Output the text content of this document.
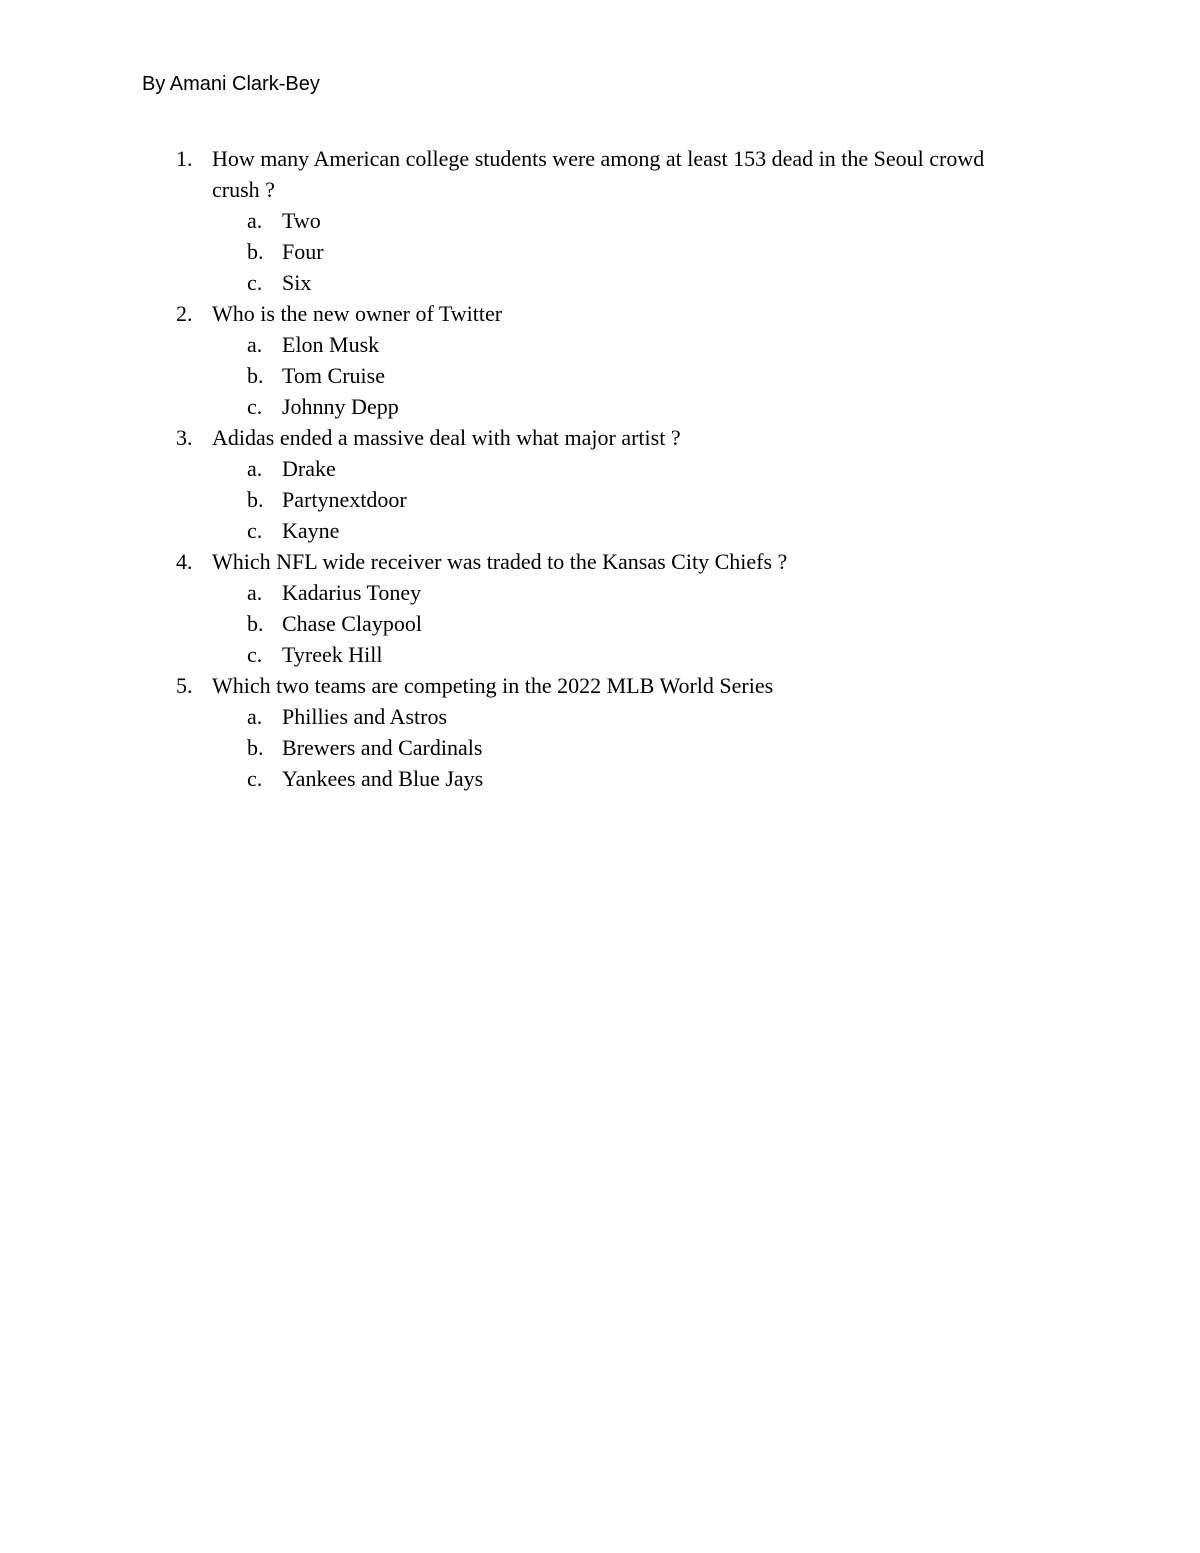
By Amani Clark-Bey
1. How many American college students were among at least 153 dead in the Seoul crowd
crush ?
a. Two
b. Four
c. Six
2. Who is the new owner of Twitter
a. Elon Musk
b. Tom Cruise
c. Johnny Depp
3. Adidas ended a massive deal with what major artist ?
a. Drake
b. Partynextdoor
c. Kayne
4. Which NFL wide receiver was traded to the Kansas City Chiefs ?
a. Kadarius Toney
b. Chase Claypool
c. Tyreek Hill
5. Which two teams are competing in the 2022 MLB World Series
a. Phillies and Astros
b. Brewers and Cardinals
c. Yankees and Blue Jays
